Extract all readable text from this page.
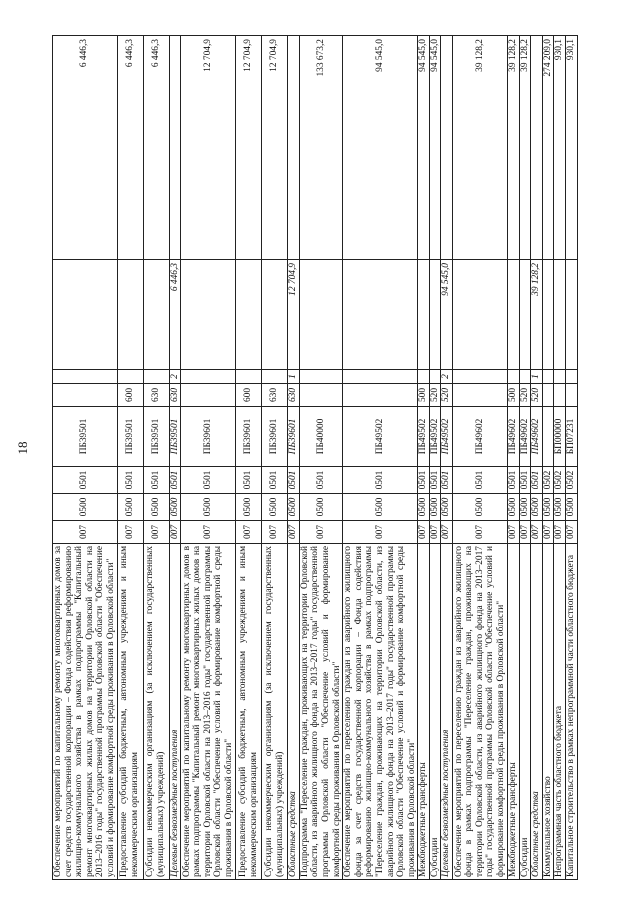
18
Обеспечение мероприятий по капитальному ремонту многоквартирных домов за счет средств государственной корпорации – Фонда содействия реформированию жилищно-коммунального хозяйства в рамках подпрограммы "Капитальный ремонт многоквартирных жилых домов на территории Орловской области на 2013–2016 годы" государственной программы Орловской области "Обеспечение условий и формирование комфортной среды проживания в Орловской области"	007	0500	0501	ПБ39501				6 446,3
Предоставление субсидий бюджетным, автономным учреждениям и иным некоммерческим организациям	007	0500	0501	ПБ39501	600			6 446,3
Субсидии некоммерческим организациям (за исключением государственных (муниципальных) учреждений)	007	0500	0501	ПБ39501	630			6 446,3
Целевые безвозмездные поступления	007	0500	0501	ПБ39501	630	2	6 446,3	
Обеспечение мероприятий по капитальному ремонту многоквартирных домов в рамках подпрограммы "Капитальный ремонт многоквартирных жилых домов на территории Орловской области на 2013–2016 годы" государственной программы Орловской области "Обеспечение условий и формирование комфортной среды проживания в Орловской области"	007	0500	0501	ПБ39601				12 704,9
Предоставление субсидий бюджетным, автономным учреждениям и иным некоммерческим организациям	007	0500	0501	ПБ39601	600			12 704,9
Субсидии некоммерческим организациям (за исключением государственных (муниципальных) учреждений)	007	0500	0501	ПБ39601	630			12 704,9
Областные средства	007	0500	0501	ПБ39601	630	1	12 704,9	
Подпрограмма "Переселение граждан, проживающих на территории Орловской области, из аварийного жилищного фонда на 2013–2017 годы" государственной программы Орловской области "Обеспечение условий и формирование комфортной среды проживания в Орловской области"	007	0500	0501	ПБ40000				133 673,2
Обеспечение мероприятий по переселению граждан из аварийного жилищного фонда за счет средств государственной корпорации – Фонда содействия реформированию жилищно-коммунального хозяйства в рамках подпрограммы "Переселение граждан, проживающих на территории Орловской области, из аварийного жилищного фонда на 2013–2017 годы" государственной программы Орловской области "Обеспечение условий и формирование комфортной среды проживания в Орловской области"	007	0500	0501	ПБ49502				94 545,0
Межбюджетные трансферты	007	0500	0501	ПБ49502	500			94 545,0
Субсидии	007	0500	0501	ПБ49502	520			94 545,0
Целевые безвозмездные поступления	007	0500	0501	ПБ49502	520	2	94 545,0	
Обеспечение мероприятий по переселению граждан из аварийного жилищного фонда в рамках подпрограммы "Переселение граждан, проживающих на территории Орловской области, из аварийного жилищного фонда на 2013–2017 годы" государственной программы Орловской области "Обеспечение условий и формирование комфортной среды проживания в Орловской области"	007	0500	0501	ПБ49602				39 128,2
Межбюджетные трансферты	007	0500	0501	ПБ49602	500			39 128,2
Субсидии	007	0500	0501	ПБ49602	520			39 128,2
Областные средства	007	0500	0501	ПБ49602	520	1	39 128,2	
Коммунальное хозяйство	007	0500	0502					274 209,0
Непрограммная часть областного бюджета	007	0500	0502	БП00000				930,1
Капитальное строительство в рамках непрограммной части областного бюджета	007	0500	0502	БП07231				930,1
